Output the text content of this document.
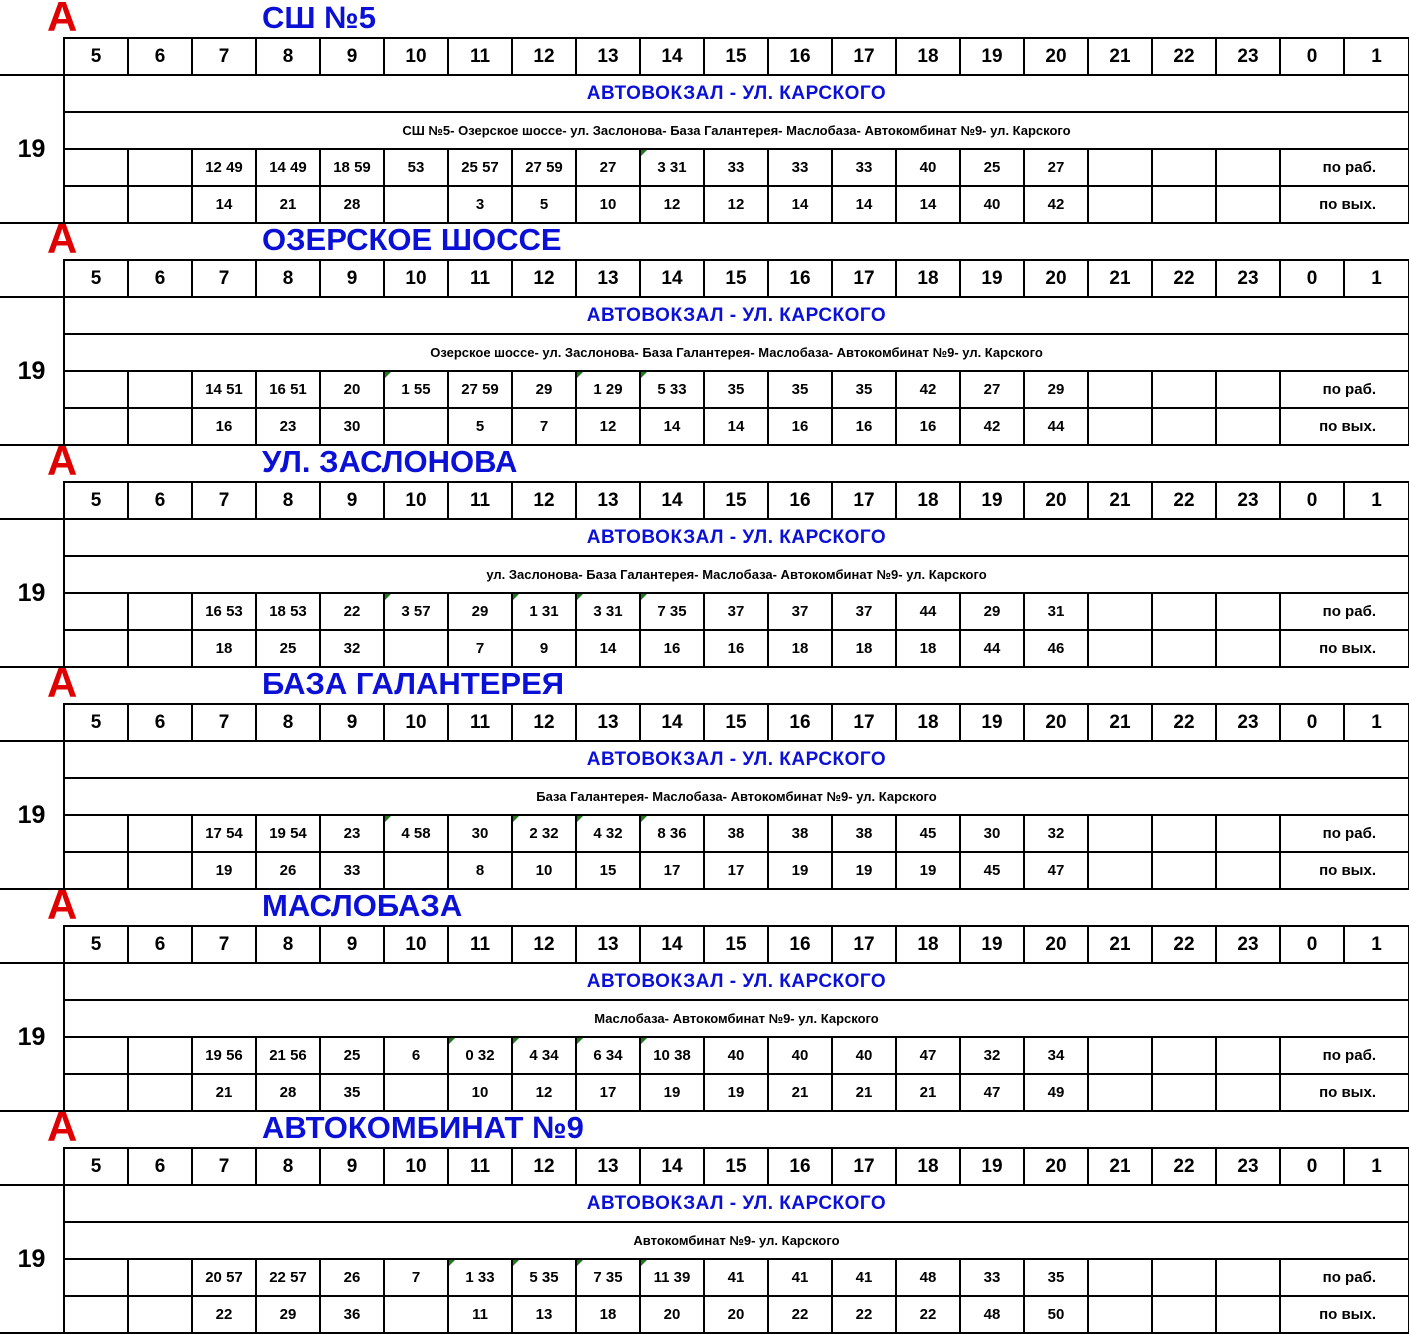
А	СШ №5
	5	6	7	8	9	10	11	12	13	14	15	16	17	18	19	20	21	22	23	0	1
19	АВТОВОКЗАЛ - УЛ. КАРСКОГО																				
	СШ №5- Озерское шоссе- ул. Заслонова- База Галантерея- Маслобаза- Автокомбинат №9- ул. Карского																				
			12 49	14 49	18 59	53	25 57	27 59	27	3 31	33	33	33	40	25	27				по раб.	
			14	21	28		3	5	10	12	12	14	14	14	40	42				по вых.	
А	ОЗЕРСКОЕ ШОССЕ
	5	6	7	8	9	10	11	12	13	14	15	16	17	18	19	20	21	22	23	0	1
19	АВТОВОКЗАЛ - УЛ. КАРСКОГО																				
	Озерское шоссе- ул. Заслонова- База Галантерея- Маслобаза- Автокомбинат №9- ул. Карского																				
			14 51	16 51	20	1 55	27 59	29	1 29	5 33	35	35	35	42	27	29				по раб.	
			16	23	30		5	7	12	14	14	16	16	16	42	44				по вых.	
А	УЛ. ЗАСЛОНОВА
	5	6	7	8	9	10	11	12	13	14	15	16	17	18	19	20	21	22	23	0	1
19	АВТОВОКЗАЛ - УЛ. КАРСКОГО																				
	ул. Заслонова- База Галантерея- Маслобаза- Автокомбинат №9- ул. Карского																				
			16 53	18 53	22	3 57	29	1 31	3 31	7 35	37	37	37	44	29	31				по раб.	
			18	25	32		7	9	14	16	16	18	18	18	44	46				по вых.	
А	БАЗА ГАЛАНТЕРЕЯ
	5	6	7	8	9	10	11	12	13	14	15	16	17	18	19	20	21	22	23	0	1
19	АВТОВОКЗАЛ - УЛ. КАРСКОГО																				
	База Галантерея- Маслобаза- Автокомбинат №9- ул. Карского																				
			17 54	19 54	23	4 58	30	2 32	4 32	8 36	38	38	38	45	30	32				по раб.	
			19	26	33		8	10	15	17	17	19	19	19	45	47				по вых.	
А	МАСЛОБАЗА
	5	6	7	8	9	10	11	12	13	14	15	16	17	18	19	20	21	22	23	0	1
19	АВТОВОКЗАЛ - УЛ. КАРСКОГО																				
	Маслобаза- Автокомбинат №9- ул. Карского																				
			19 56	21 56	25	6	0 32	4 34	6 34	10 38	40	40	40	47	32	34				по раб.	
			21	28	35		10	12	17	19	19	21	21	21	47	49				по вых.	
А	АВТОКОМБИНАТ №9
	5	6	7	8	9	10	11	12	13	14	15	16	17	18	19	20	21	22	23	0	1
19	АВТОВОКЗАЛ - УЛ. КАРСКОГО																				
	Автокомбинат №9- ул. Карского																				
			20 57	22 57	26	7	1 33	5 35	7 35	11 39	41	41	41	48	33	35				по раб.	
			22	29	36		11	13	18	20	20	22	22	22	48	50				по вых.	
